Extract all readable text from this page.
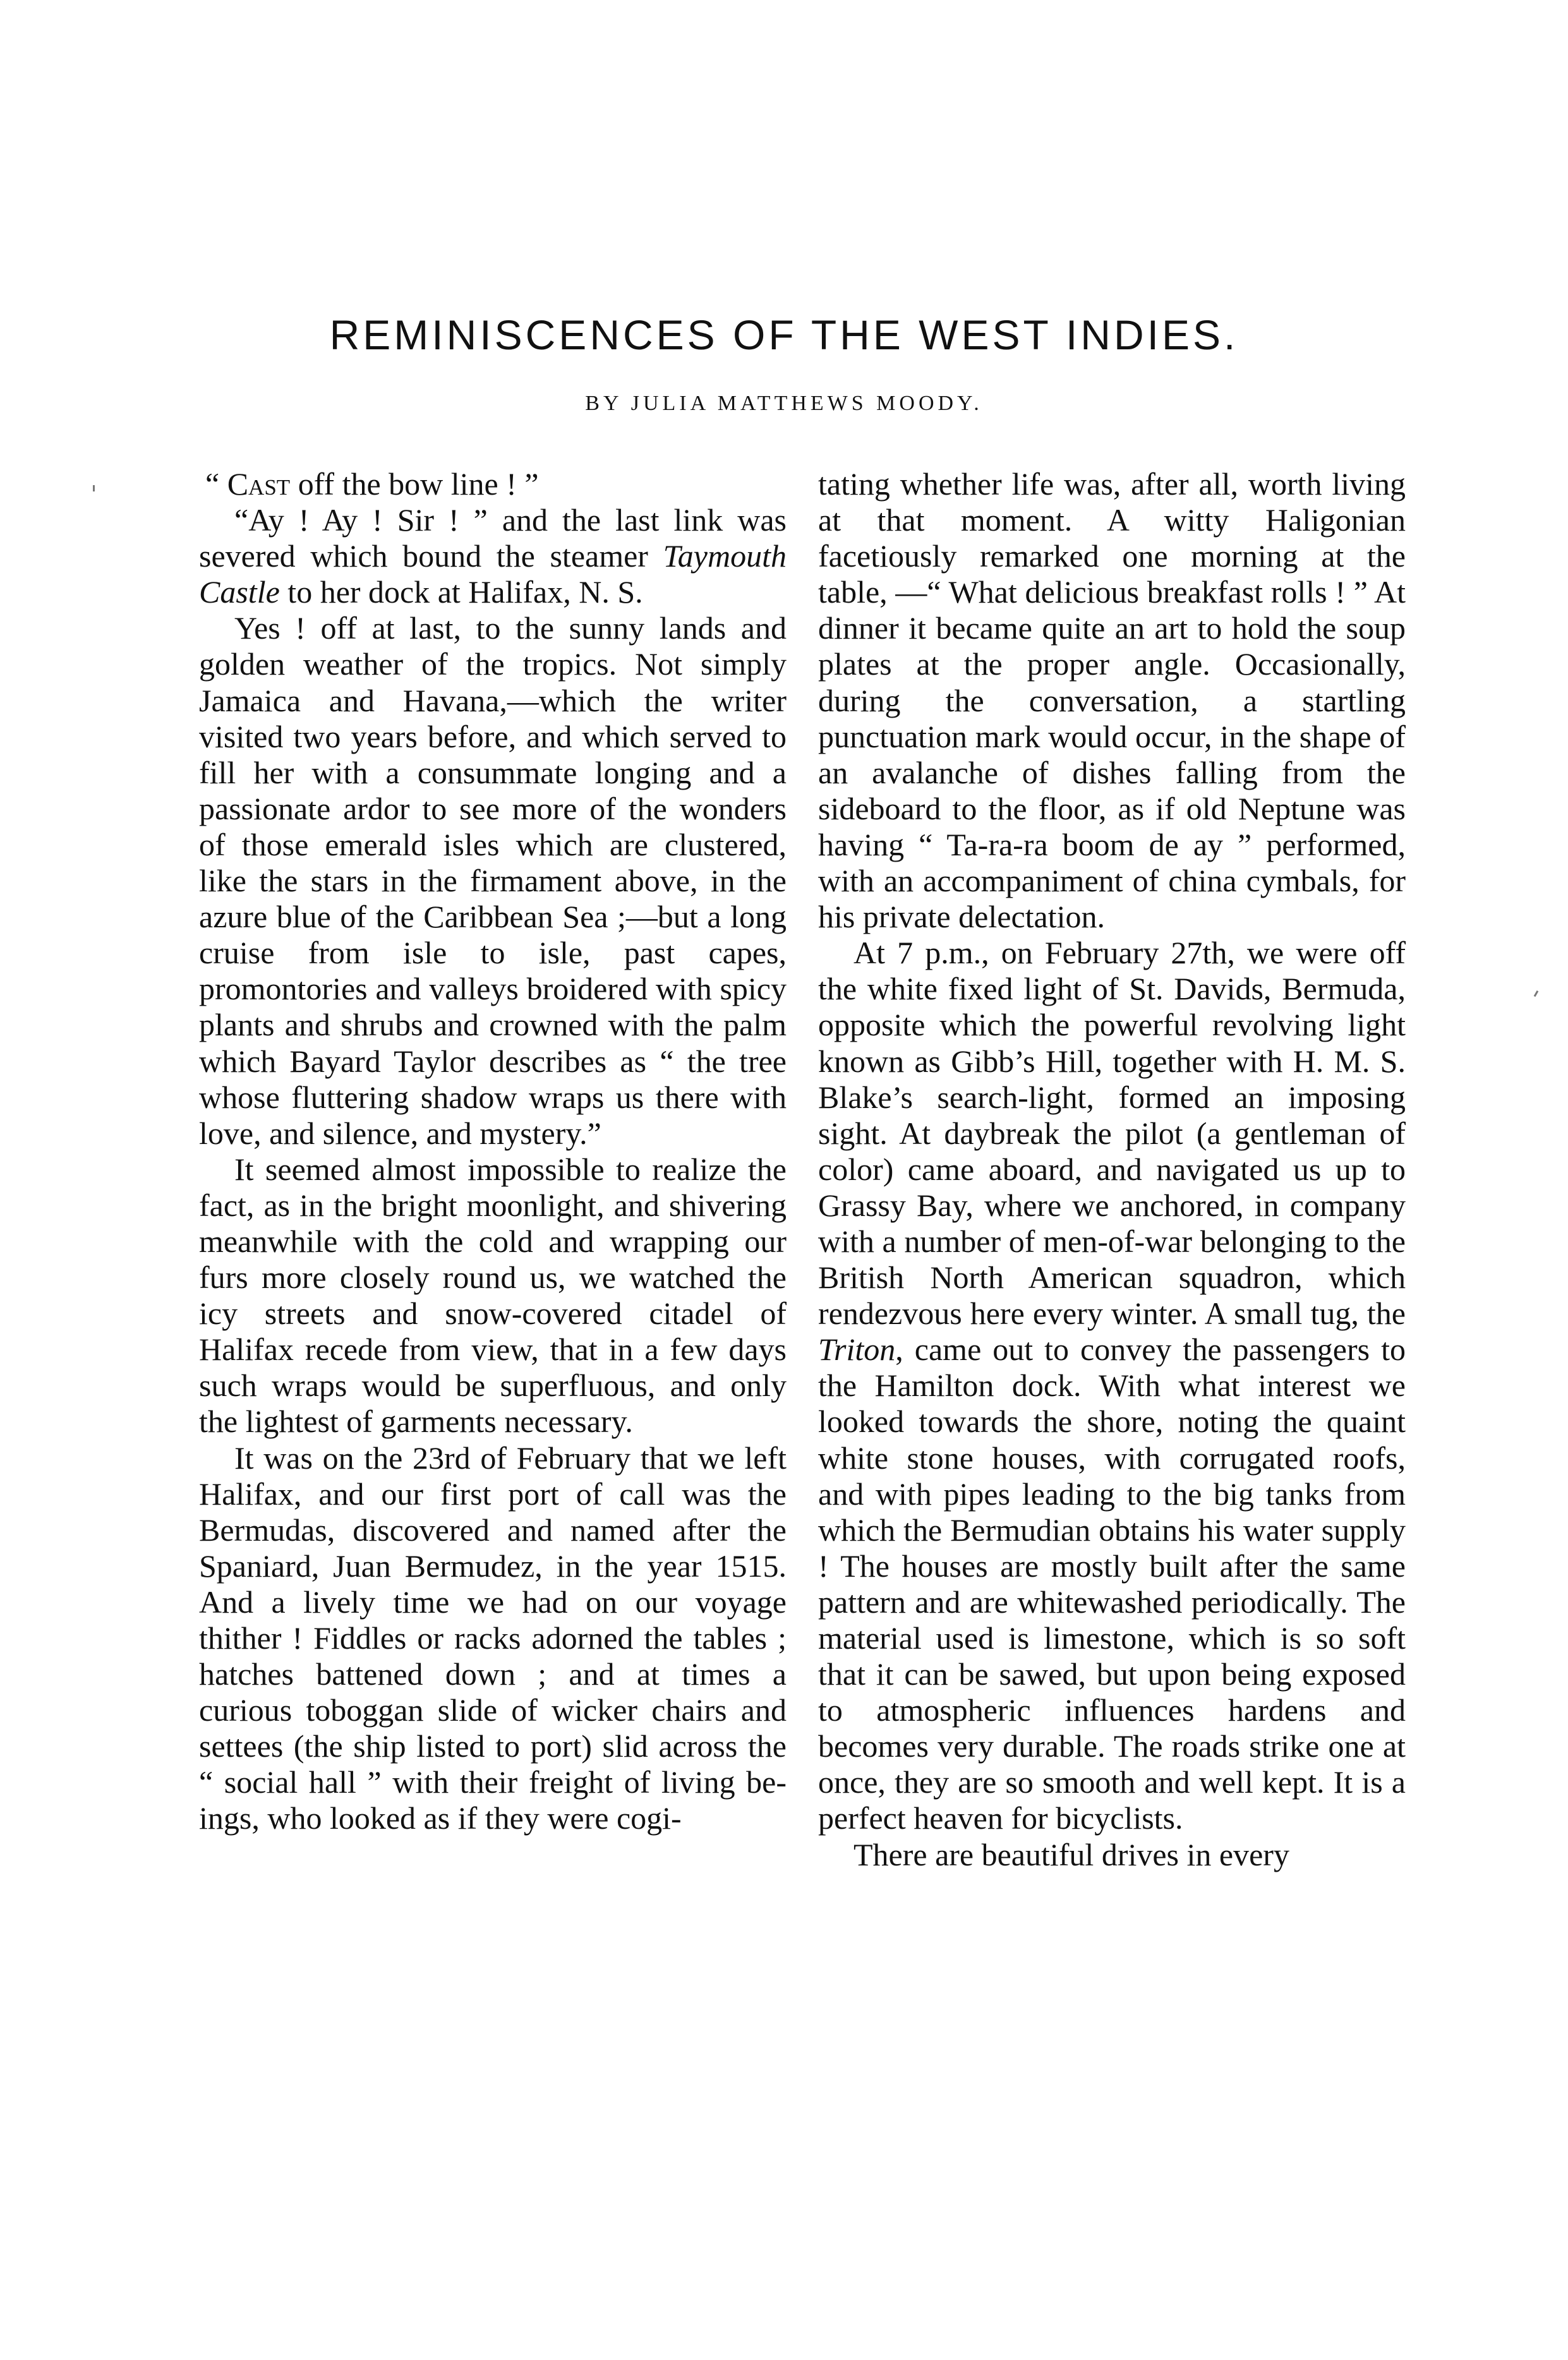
REMINISCENCES OF THE WEST INDIES.

BY JULIA MATTHEWS MOODY.

“ Cast off the bow line ! ”

“Ay ! Ay ! Sir ! ” and the last link was severed which bound the steamer Taymouth Castle to her dock at Halifax, N. S.

Yes ! off at last, to the sunny lands and golden weather of the tropics. Not simply Jamaica and Havana,—which the writer visited two years before, and which served to fill her with a consummate longing and a passionate ardor to see more of the wonders of those emerald isles which are clustered, like the stars in the firmament above, in the azure blue of the Caribbean Sea ;—but a long cruise from isle to isle, past capes, promontories and valleys broidered with spicy plants and shrubs and crowned with the palm which Bayard Taylor describes as “ the tree whose fluttering shadow wraps us there with love, and silence, and mystery.”

It seemed almost impossible to realize the fact, as in the bright moonlight, and shivering meanwhile with the cold and wrapping our furs more closely round us, we watched the icy streets and snow-covered citadel of Halifax recede from view, that in a few days such wraps would be superfluous, and only the lightest of garments necessary.

It was on the 23rd of February that we left Halifax, and our first port of call was the Bermudas, discovered and named after the Spaniard, Juan Bermudez, in the year 1515. And a lively time we had on our voyage thither ! Fiddles or racks adorned the tables ; hatches battened down ; and at times a curious toboggan slide of wicker chairs and settees (the ship listed to port) slid across the “ social hall ” with their freight of living beings, who looked as if they were cogi-

tating whether life was, after all, worth living at that moment. A witty Haligonian facetiously remarked one morning at the table, —“ What delicious breakfast rolls ! ” At dinner it became quite an art to hold the soup plates at the proper angle. Occasionally, during the conversation, a startling punctuation mark would occur, in the shape of an avalanche of dishes falling from the sideboard to the floor, as if old Neptune was having “ Ta-ra-ra boom de ay ” performed, with an accompaniment of china cymbals, for his private delectation.

At 7 p.m., on February 27th, we were off the white fixed light of St. Davids, Bermuda, opposite which the powerful revolving light known as Gibb’s Hill, together with H. M. S. Blake’s search-light, formed an imposing sight. At daybreak the pilot (a gentleman of color) came aboard, and navigated us up to Grassy Bay, where we anchored, in company with a number of men-of-war belonging to the British North American squadron, which rendezvous here every winter. A small tug, the Triton, came out to convey the passengers to the Hamilton dock. With what interest we looked towards the shore, noting the quaint white stone houses, with corrugated roofs, and with pipes leading to the big tanks from which the Bermudian obtains his water supply ! The houses are mostly built after the same pattern and are whitewashed periodically. The material used is limestone, which is so soft that it can be sawed, but upon being exposed to atmospheric influences hardens and becomes very durable. The roads strike one at once, they are so smooth and well kept. It is a perfect heaven for bicyclists.

There are beautiful drives in every
